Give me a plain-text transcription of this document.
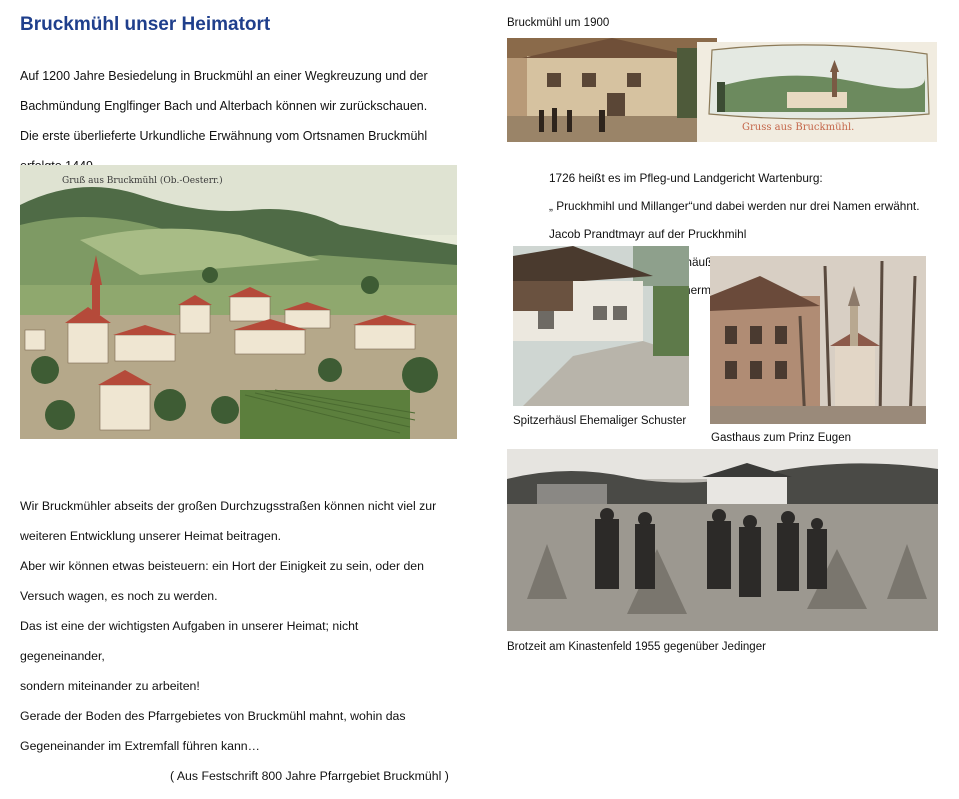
Bruckmühl unser Heimatort

Auf 1200 Jahre Besiedelung in Bruckmühl an einer Wegkreuzung und der

Bachmündung Englfinger Bach und Alterbach können wir zurückschauen.

Die erste überlieferte Urkundliche Erwähnung vom Ortsnamen Bruckmühl

Gruß aus Bruckmühl (Ob.-Oesterr.)

Wir Bruckmühler abseits der großen Durchzugsstraßen können nicht viel zur

weiteren Entwicklung unserer Heimat beitragen.

Aber wir können etwas beisteuern: ein Hort der Einigkeit zu sein, oder den

Versuch wagen, es noch zu werden.

Das ist eine der wichtigsten Aufgaben in unserer Heimat; nicht

gegeneinander,

sondern miteinander zu arbeiten!

Gerade der Boden des Pfarrgebietes von Bruckmühl mahnt, wohin das

Gegeneinander im Extremfall führen kann…

( Aus Festschrift 800 Jahre Pfarrgebiet Bruckmühl )

Bruckmühl um 1900
Gruss aus Bruckmühl.

1726 heißt es im Pfleg-und Landgericht Wartenburg:

„ Pruckhmihl und Millanger“und dabei werden nur drei Namen erwähnt.

Jacob Prandtmayr auf der Pruckhmihl

Zimmermanhäußl

Spitzerhäusl Ehemaliger Schuster
Gasthaus zum Prinz Eugen
Brotzeit am Kinastenfeld 1955 gegenüber Jedinger
